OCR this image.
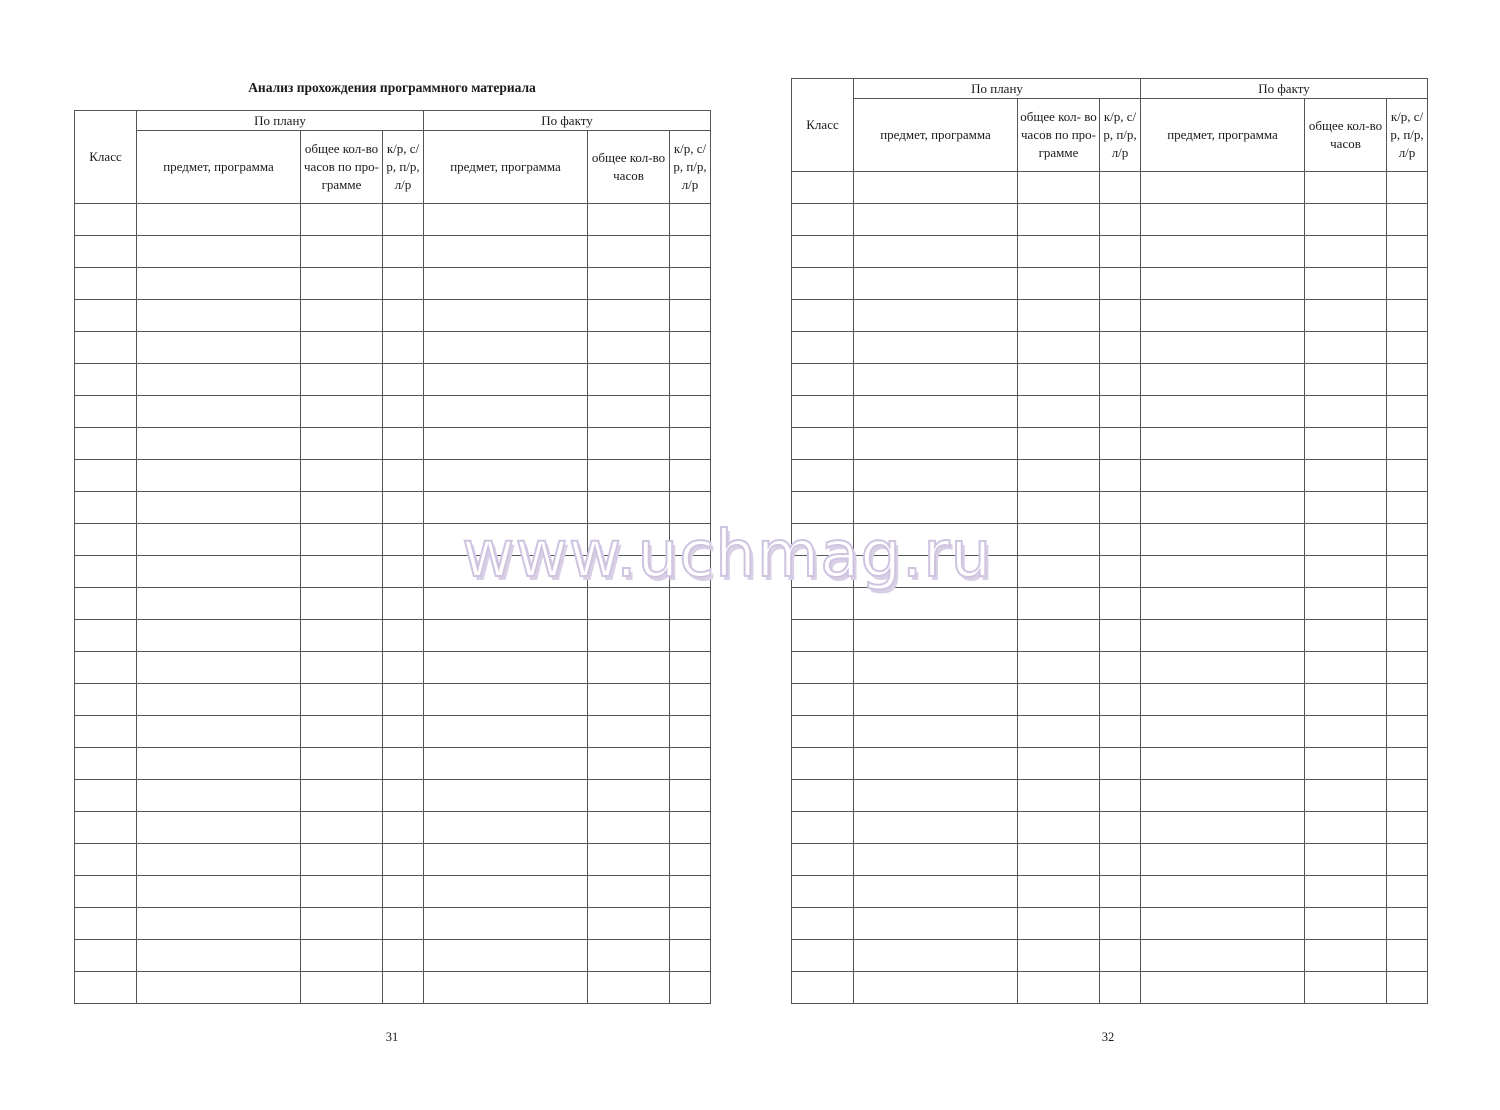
Анализ прохождения программного материала
Класс	По плану			По факту		
	предмет, программа	общее кол-во часов по про- грамме	к/р, с/р, п/р, л/р	предмет, программа	общее кол-во часов	к/р, с/р, п/р, л/р

31
Класс	По плану			По факту		
	предмет, программа	общее кол- во часов по про- грамме	к/р, с/р, п/р, л/р	предмет, программа	общее кол-во часов	к/р, с/р, п/р, л/р

32
www.uchmag.ru
